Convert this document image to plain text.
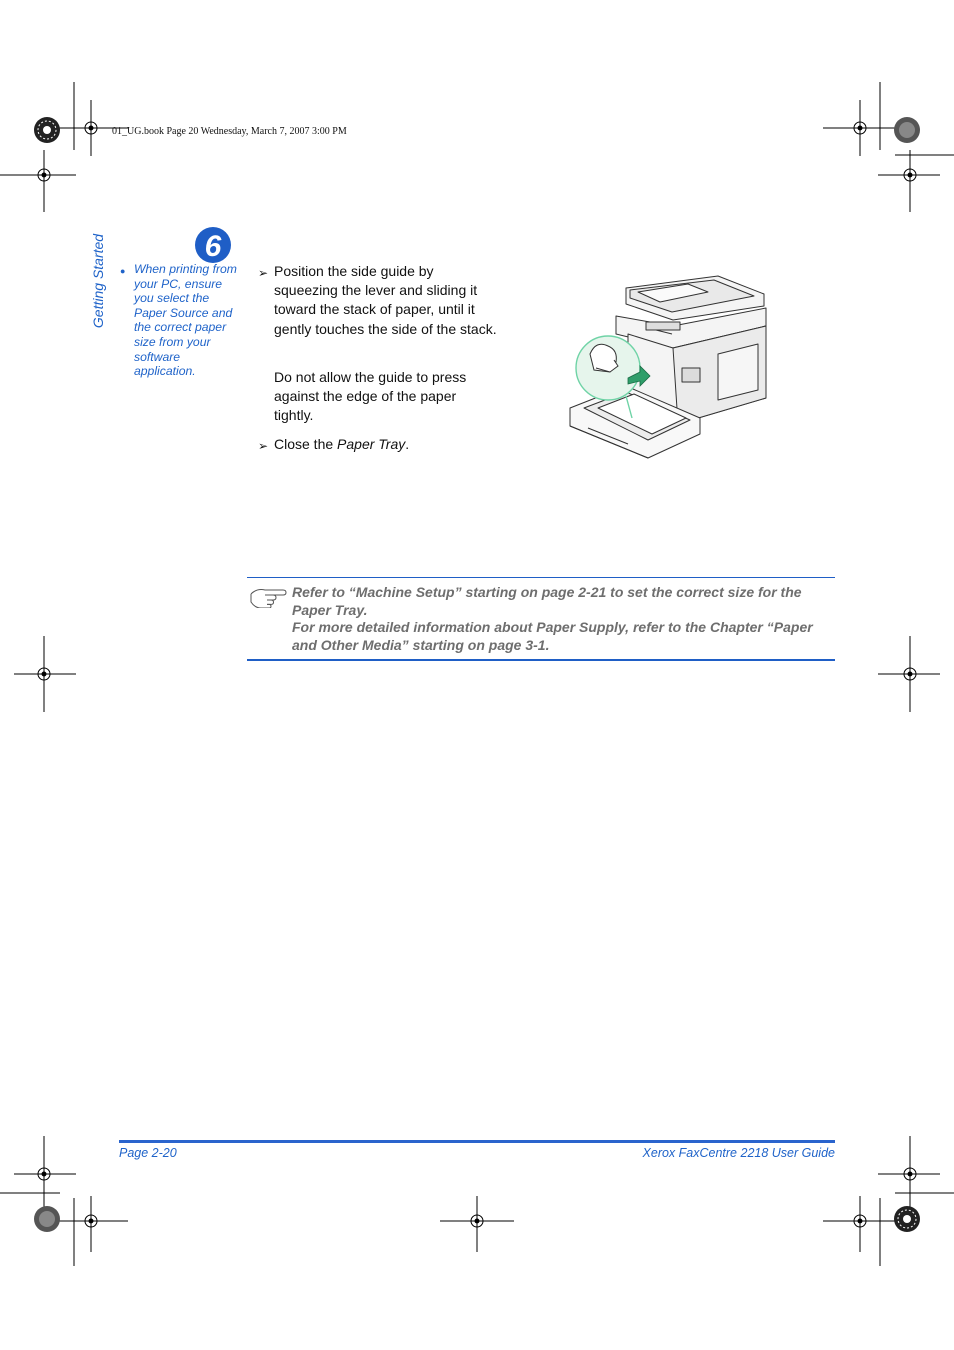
01_UG.book Page 20 Wednesday, March 7, 2007 3:00 PM
Getting Started	6
● When printing from your PC, ensure you select the Paper Source and the correct paper size from your software application.
➢ Position the side guide by squeezing the lever and sliding it toward the stack of paper, until it gently touches the side of the stack.
Do not allow the guide to press against the edge of the paper tightly.
➢ Close the Paper Tray.
Refer to “Machine Setup” starting on page 2-21 to set the correct size for the Paper Tray.
For more detailed information about Paper Supply, refer to the Chapter “Paper and Other Media” starting on page 3-1.
Page 2-20	Xerox FaxCentre 2218 User Guide
